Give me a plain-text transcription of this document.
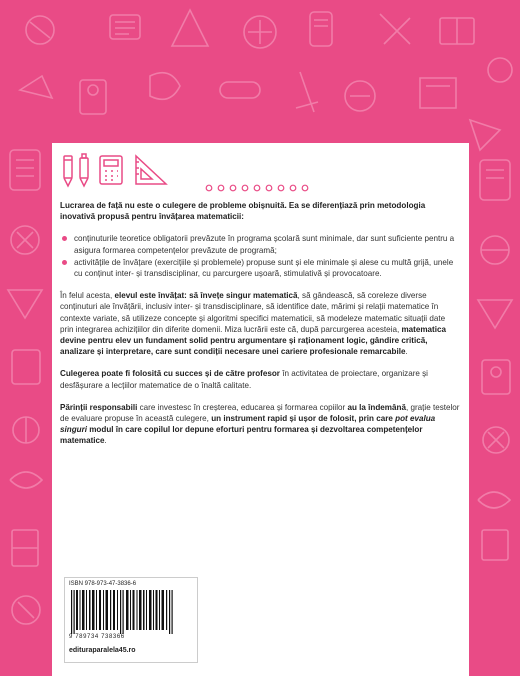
Lucrarea de față nu este o culegere de probleme obișnuită. Ea se diferențiază prin metodologia inovativă propusă pentru învățarea matematicii:

conținuturile teoretice obligatorii prevăzute în programa școlară sunt minimale, dar sunt suficiente pentru a asigura formarea competențelor prevăzute de programă;
activitățile de învățare (exercițiile și problemele) propuse sunt și ele minimale și alese cu multă grijă, unele cu conținut inter- și transdisciplinar, cu parcurgere ușoară, stimulativă și provocatoare.

În felul acesta, elevul este învățat: să învețe singur matematică, să gândească, să coreleze diverse conținuturi ale învățării, inclusiv inter- și transdisciplinare, să identifice date, mărimi și relații matematice în contexte variate, să utilizeze concepte și algoritmi specifici matematicii, să modeleze matematic situații date prin integrarea achizițiilor din diferite domenii. Miza lucrării este că, după parcurgerea acesteia, matematica devine pentru elev un fundament solid pentru argumentare și raționament logic, gândire critică, analizare și interpretare, care sunt condiții necesare unei cariere profesionale remarcabile.

Culegerea poate fi folosită cu succes și de către profesor în activitatea de proiectare, organizare și desfășurare a lecțiilor matematice de o înaltă calitate.

Părinții responsabili care investesc în creșterea, educarea și formarea copiilor au la îndemână, grație testelor de evaluare propuse în această culegere, un instrument rapid și ușor de folosit, prin care pot evalua singuri modul în care copilul lor depune eforturi pentru formarea și dezvoltarea competențelor matematice.

ISBN 978-973-47-3836-6
9 789734 738366
edituraparalela45.ro
